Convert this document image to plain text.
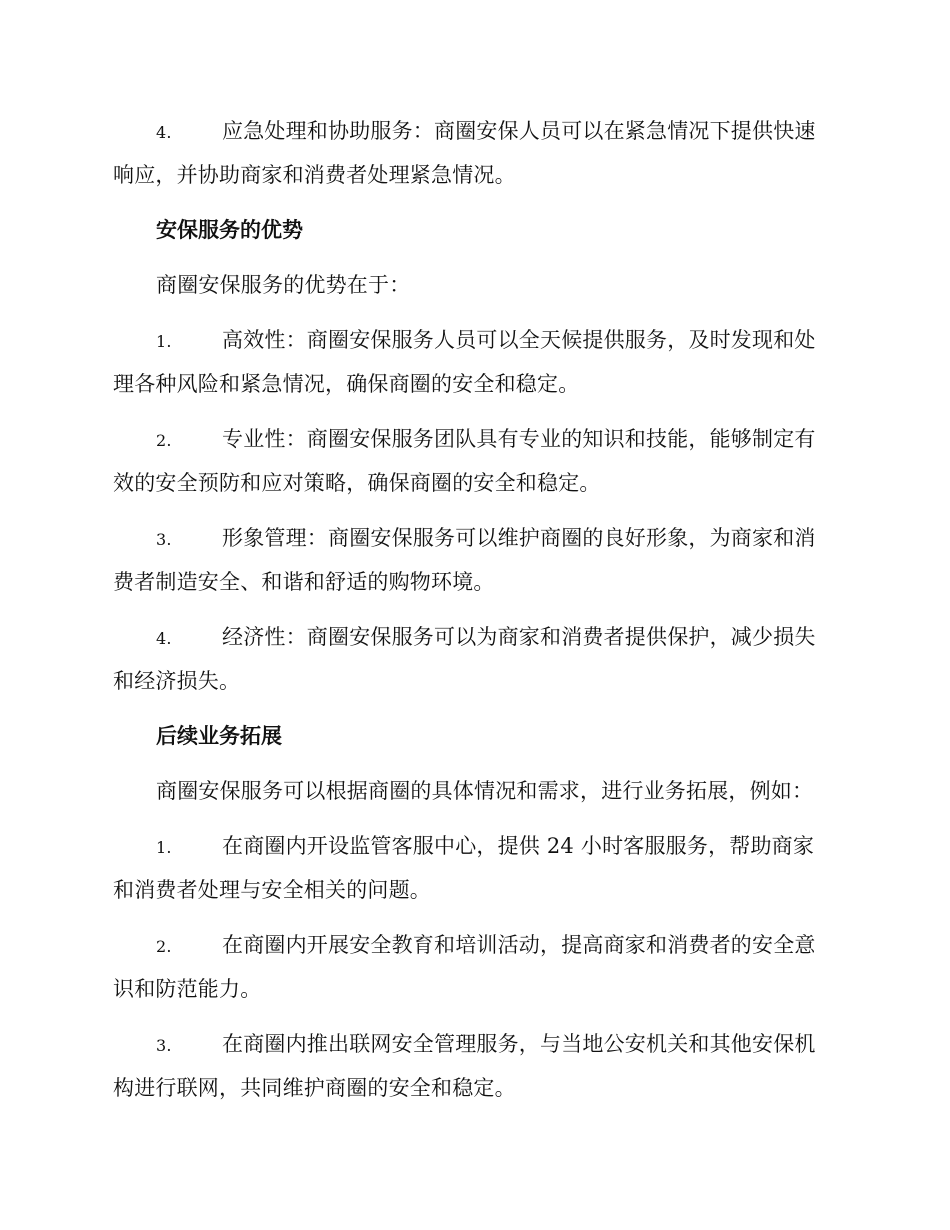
4. 应急处理和协助服务：商圈安保人员可以在紧急情况下提供快速响应，并协助商家和消费者处理紧急情况。

安保服务的优势

商圈安保服务的优势在于：

1. 高效性：商圈安保服务人员可以全天候提供服务，及时发现和处理各种风险和紧急情况，确保商圈的安全和稳定。

2. 专业性：商圈安保服务团队具有专业的知识和技能，能够制定有效的安全预防和应对策略，确保商圈的安全和稳定。

3. 形象管理：商圈安保服务可以维护商圈的良好形象，为商家和消费者制造安全、和谐和舒适的购物环境。

4. 经济性：商圈安保服务可以为商家和消费者提供保护，减少损失和经济损失。

后续业务拓展

商圈安保服务可以根据商圈的具体情况和需求，进行业务拓展，例如：

1. 在商圈内开设监管客服中心，提供 24 小时客服服务，帮助商家和消费者处理与安全相关的问题。

2. 在商圈内开展安全教育和培训活动，提高商家和消费者的安全意识和防范能力。

3. 在商圈内推出联网安全管理服务，与当地公安机关和其他安保机构进行联网，共同维护商圈的安全和稳定。
